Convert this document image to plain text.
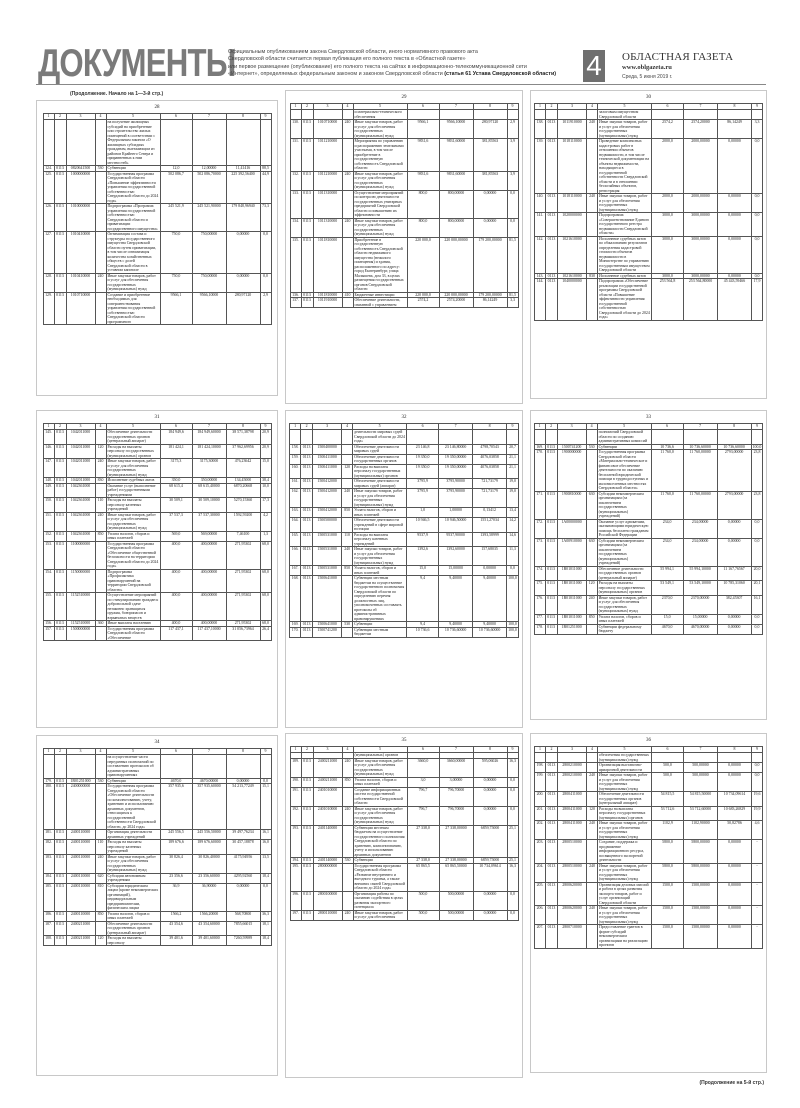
ДОКУМЕНТЫ
Официальным опубликованием закона Свердловской области, иного нормативного правового акта
Свердловской области считается первая публикация его полного текста в «Областной газете»
или первое размещение (опубликование) его полного текста на сайтах в информационно-телекоммуникационной сети
«Интернет», определяемых федеральным законом и законом Свердловской области (статья 61 Устава Свердловской области)	4 ОБЛАСТНАЯ ГАЗЕТА
www.oblgazeta.ru
Среда, 5 июня 2019 г.
(Продолжение. Начало на 1—3-й стр.)
(Продолжение на 5-й стр.)
28
1	2	3	4	5	6	7	8	9
				на получение жилищных субсидий на приобретение или строительство жилых помещений в соответствии с Федеральным законом «О жилищных субсидиях гражданам, выезжающим из районов Крайнего Севера и приравненных к ним местностей»				
124.	0113	0820641500	530	Субвенции	12,0	12,00000	11,41416	88,5
125.	0113	1000000000		Государственная программа Свердловской области «Повышение эффективности управления государственной собственностью Свердловской области до 2024 года»	502 086,7	502 086,70000	225 392,56400	44,9
126.	0113	1010000000		Подпрограмма «Программа управления государственной собственностью Свердловской области и приватизации государственного имущества»	245 521,9	245 521,90000	179 848,96940	73,3
127.	0113	1010410000		Оптимизация состава и структуры государственного имущества Свердловской области путем приватизации, в том числе оптимизация количества хозяйственных обществ с долей Свердловской области в уставном капитале	750,0	750,00000	0,00000	0,0
128.	0113	1010410000	240	Иные закупки товаров, работ и услуг для обеспечения государственных (муниципальных) нужд	750,0	750,00000	0,00000	0,0
129.	0113	1010710000		Создание и приобретение необходимых для совершенствования управления государственной собственностью Свердловской области программного	9566,1	9566,10000	280,97120	2,9
29
1	2	3	4	5	6	7	8	9
				и материально-технического обеспечения				
130.	0113	1010710000	240	Иные закупки товаров, работ и услуг для обеспечения государственных (муниципальных) нужд	9566,1	9566,10000	280,97120	2,9
131.	0113	1011210000		Мероприятия по управлению и распоряжению земельными участками, в том числе приобретение в государственную собственность Свердловской области	9831,6	9831,60000	381,85563	3,9
132.	0113	1011210000	240	Иные закупки товаров, работ и услуг для обеспечения государственных (муниципальных) нужд	9831,6	9831,60000	381,85563	3,9
133.	0113	1011310000		Осуществление мероприятий по контролю деятельности государственных унитарных предприятий Свердловской области и повышению их эффективности	800,0	800,00000	0,00000	0,0
134.	0113	1011310000	240	Иные закупки товаров, работ и услуг для обеспечения государственных (муниципальных) нужд	800,0	800,00000	0,00000	0,0
135.	0113	1011810000		Приобретение в государственную собственность Свердловской области недвижимого имущества (нежилого помещения) и здания, расположенного по адресу: город Екатеринбург, улица Малышева, дом 33, в целях размещения государственных органов Свердловской области	220 000,0	220 000,00000	179 200,00000	81,5
136.	0113	1011810000	410	Бюджетные инвестиции	220 000,0	220 000,00000	179 200,00000	81,5
137.	0113	1011910000		Обеспечение деятельности, связанной с управлением	2574,2	2574,20000	86,14249	3,3
30
1	2	3	4	5	6	7	8	9
				залоговым имуществом Свердловской области				
138.	0113	1011910000	240	Иные закупки товаров, работ и услуг для обеспечения государственных (муниципальных) нужд	2574,2	2574,20000	86,14249	3,3
139.	0113	1018110000		Проведение комплексных кадастровых работ в отношении объектов недвижимости, в том числе технической документации на объекты недвижимости, находящиеся в государственной собственности Свердловской области и в отношении бесхозяйных объектов, регистрация	2000,0	2000,00000	0,00000	0,0
140.	0113	1018110000	240	Иные закупки товаров, работ и услуг для обеспечения государственных (муниципальных) нужд	2000,0	2000,00000	0,00000	0,0
141.	0113	1020000000		Подпрограмма «Совершенствование Единого государственного реестра недвижимости Свердловской области»	3000,0	3000,00000	0,00000	0,0
142.	0113	1021610000		Исполнение судебных актов по обжалованию результатов определения кадастровой стоимости объектов недвижимости в Министерстве по управлению государственным имуществом Свердловской области	3000,0	3000,00000	0,00000	0,0
143.	0113	1021610000	830	Исполнение судебных актов	3000,0	3000,00000	0,00000	0,0
144.	0113	1040000000		Подпрограмма «Обеспечение реализации государственной программы Свердловской области «Повышение эффективности управления государственной собственностью Свердловской области до 2024 года»	253 564,8	253 564,80000	45 443,59466	17,9
31
1	2	3	4	5	6	7	8	9
145.	0113	1042011000		Обеспечение деятельности государственных органов (центральный аппарат)	184 949,6	184 949,60000	38 571,38798	20,9
146.	0113	1042011000	120	Расходы на выплаты персоналу государственных (муниципальных) органов	181 424,1	181 424,10000	37 962,69956	20,9
147.	0113	1042011000	240	Иные закупки товаров, работ и услуг для обеспечения государственных (муниципальных) нужд	3175,3	3175,30000	476,23642	15,0
148.	0113	1042011000	830	Исполнение судебных актов	350,0	350,00000	134,45000	38,4
149.	0113	1042361000		Оказание услуг (выполнение работ) государственными учреждениями	68 615,4	68 615,40000	6870,20668	10,0
150.	0113	1042361000	110	Расходы на выплаты персоналу казенных учреждений	30 509,1	30 509,10000	5270,15360	17,3
151.	0113	1042361000	240	Иные закупки товаров, работ и услуг для обеспечения государственных (муниципальных) нужд	37 537,3	37 537,30000	1592,59200	4,2
152.	0113	1042361000	850	Уплата налогов, сборов и иных платежей	569,0	569,00000	7,46100	1,3
153.	0113	1100000000		Государственная программа Свердловской области «Обеспечение общественной безопасности на территории Свердловской области до 2024 года»	400,0	400,00000	271,95302	68,0
154.	0113	1150000000		Подпрограмма «Профилактика правонарушений на территории Свердловской области»	400,0	400,00000	271,95302	68,0
155.	0113	1152510000		Осуществление мероприятий по стимулированию граждан к добровольной сдаче незаконно хранящихся оружия, боеприпасов и взрывчатых веществ	400,0	400,00000	271,95302	68,0
156.	0113	1152510000	360	Иные выплаты населению	400,0	400,00000	271,95302	68,0
157.	0113	1500000000		Государственная программа Свердловской области «Обеспечение	117 437,1	117 437,10000	31 056,73964	26,4
32
1	2	3	4	5	6	7	8	9
				деятельности мировых судей Свердловской области до 2024 года»				
158.	0113	1500400000		Обеспечение деятельности мировых судей	23 146,8	23 146,80000	4798,70543	20,7
159.	0113	1500411000		Обеспечение деятельности государственных органов	19 350,0	19 350,00000	4076,03858	21,1
160.	0113	1500411000	120	Расходы на выплаты персоналу государственных (муниципальных) органов	19 350,0	19 350,00000	4076,03858	21,1
161.	0113	1500412000		Обеспечение деятельности мировых судей (аппарат)	3795,9	3795,90000	721,73179	19,0
162.	0113	1500412000	240	Иные закупки товаров, работ и услуг для обеспечения государственных (муниципальных) нужд	3795,9	3795,90000	721,73179	19,0
163.	0113	1500412000	850	Уплата налогов, сборов и иных платежей	1,0	1,00000	0,13412	13,4
164.	0113	1500500000		Обеспечение деятельности учреждений в сфере мировой юстиции	10 946,5	10 946,50000	1551,27034	14,2
165.	0113	1500531000	110	Расходы на выплаты персоналу казенных учреждений	9537,9	9537,90000	1393,58999	14,6
166.	0113	1500531000	240	Иные закупки товаров, работ и услуг для обеспечения государственных (муниципальных) нужд	1392,6	1392,60000	157,68035	11,3
167.	0113	1500531000	850	Уплата налогов, сборов и иных платежей	15,0	15,00000	0,00000	0,0
168.	0113	1500641000		Субвенции местным бюджетам на осуществление государственного полномочия Свердловской области по определению перечня должностных лиц, уполномоченных составлять протоколы об административных правонарушениях	9,4	9,40000	9,40000	100,0
169.	0113	1500641000	530	Субвенции	9,4	9,40000	9,40000	100,0
170.	0113	1500741200		Субвенции местным бюджетам	10 736,6	10 736,60000	10 736,60000	100,0
33
1	2	3	4	5	6	7	8	9
				полномочий Свердловской области по созданию административных комиссий				
169.	0113	1500741200	530	Субвенции	10 736,6	10 736,60000	10 736,60000	100,0
170.	0113	1900000000		Государственная программа Свердловской области «Материально-техническое и финансовое обеспечение деятельности по оказанию бесплатной юридической помощи в труднодоступных и малонаселенных местностях Свердловской области»	11 760,0	11 760,00000	2793,00000	23,8
171.	0113	1900810000	630	Субсидии некоммерческим организациям (за исключением государственных (муниципальных) учреждений)	11 760,0	11 760,00000	2793,00000	23,8
172.	0113	1A00000000		Оказание услуг адвокатами, оказывающими юридическую помощь бесплатно гражданам Российской Федерации	234,0	234,00000	0,00000	0,0
173.	0113	1A00910000	630	Субсидии некоммерческим организациям (за исключением государственных (муниципальных) учреждений)	234,0	234,00000	0,00000	0,0
174.	0113	1B01011000		Обеспечение деятельности государственных органов (центральный аппарат)	55 994,1	55 994,10000	11 167,76567	20,0
175.	0113	1B01011000	120	Расходы на выплаты персоналу государственных (муниципальных) органов	53 549,1	53 549,10000	10 785,31060	20,1
176.	0113	1B01011000	240	Иные закупки товаров, работ и услуг для обеспечения государственных (муниципальных) нужд	2370,0	2370,00000	382,45307	16,1
177.	0113	1B01011000	850	Уплата налогов, сборов и иных платежей	15,0	15,00000	0,00000	0,0
178.	0113	1B01251000		Субвенции федеральному бюджету	4670,0	4670,00000	0,00000	0,0
34
1	2	3	4	5	6	7	8	9
				на осуществление части переданных полномочий по составлению протоколов об административных правонарушениях				
179.	0113	1B01251000	530	Субвенции	4670,0	4670,00000	0,00000	0,0
180.	0113	2400000000		Государственная программа Свердловской области «Обеспечение деятельности по комплектованию, учету, хранению и использованию архивных документов, относящихся к государственной собственности Свердловской области, до 2024 года»	357 935,6	357 935,60000	54 213,77249	15,1
181.	0113	2400110000		Организация деятельности архивных учреждений	245 556,5	245 556,50000	39 497,76234	16,1
182.	0113	2400110000	110	Расходы на выплаты персоналу казенных учреждений	189 676,6	189 676,60000	30 457,18878	16,0
183.	0113	2400110000	240	Иные закупки товаров, работ и услуг для обеспечения государственных (муниципальных) нужд	30 826,4	30 826,40000	4175,94956	13,5
184.	0113	2400110000	620	Субсидии автономным учреждениям	23 356,6	23 356,60000	4295,92560	18,4
185.	0113	2400110000	810	Субсидии юридическим лицам (кроме некоммерческих организаций), индивидуальным предпринимателям, физическим лицам	36,9	36,90000	0,00000	0,0
186.	0113	2400110000	850	Уплата налогов, сборов и иных платежей	1566,2	1566,20000	568,70800	36,3
187.	0113	2400211000		Обеспечение деятельности государственных органов (центральный аппарат)	43 354,6	43 354,60000	7855,66015	18,1
188.	0113	2400211000	120	Расходы на выплаты персоналу	39 401,6	39 401,60000	7260,59989	18,4
35
1	2	3	4	5	6	7	8	9
				(муниципальных) органов				
189.	0113	2400211000	240	Иные закупки товаров, работ и услуг для обеспечения государственных (муниципальных) нужд	3660,0	3660,00000	595,06026	16,3
190.	0113	2400211000	850	Уплата налогов, сборов и иных платежей	3,0	3,00000	0,00000	0,0
191.	0113	2401010000		Создание информационных систем государственной собственности Свердловской области	796,7	796,70000	0,00000	0,0
192.	0113	2401010000	240	Иные закупки товаров, работ и услуг для обеспечения государственных (муниципальных) нужд	796,7	796,70000	0,00000	0,0
193.	0113	2401140000		Субвенции местным бюджетам на осуществление государственного полномочия Свердловской области по хранению, комплектованию, учету и использованию архивных документов	27 338,0	27 338,00000	6859,75000	25,1
194.	0113	2401140000	530	Субвенции	27 338,0	27 338,00000	6859,75000	25,1
195.	0113	2800000000		Государственная программа Свердловской области «Развитие внутреннего и въездного туризма, а также внешних связей Свердловской области до 2024 года»	65 865,5	65 865,50000	10 734,09614	16,3
196.	0113	2800100000		Организация работы по оказанию содействия в целях развития экспортного потенциала	500,0	500,00000	0,00000	0,0
197.	0113	2800110000	240	Иные закупки товаров, работ и услуг для обеспечения	500,0	500,00000	0,00000	0,0
36
1	2	3	4	5	6	7	8	9
				обеспечения государственных (муниципальных) нужд				
198.	0113	2800210000		Организация выставочно-ярмарочной деятельности	500,0	500,00000	0,00000	0,0
199.	0113	2800210000	240	Иные закупки товаров, работ и услуг для обеспечения государственных (муниципальных) нужд	500,0	500,00000	0,00000	0,0
200.	0113	2800411000		Обеспечение деятельности государственных органов (центральный аппарат)	54 815,5	54 815,50000	10 734,09614	19,6
201.	0113	2800411000	120	Расходы на выплаты персоналу государственных (муниципальных) органов	53 712,6	53 712,60000	10 683,26829	19,9
202.	0113	2800411000	240	Иные закупки товаров, работ и услуг для обеспечения государственных (муниципальных) нужд	1102,9	1102,90000	50,82786	4,6
203.	0113	2800510000		Создание, поддержка и продвижение информационного ресурса, посвященного экспортной деятельности	5800,0	5800,00000	0,00000	-
204.	0113	2800510000	240	Иные закупки товаров, работ и услуг для обеспечения государственных (муниципальных) нужд	5800,0	5800,00000	0,00000	-
205.	0113	2800620000		Организация деловых миссий и работа в целях развития экспорта товаров, работ и услуг организаций Свердловской области	1500,0	1500,00000	0,00000	-
206.	0113	2800620000	240	Иные закупки товаров, работ и услуг для обеспечения государственных (муниципальных) нужд	1500,0	1500,00000	0,00000	-
207.	0113	2800710000		Предоставление грантов в форме субсидий некоммерческим организациям на реализацию проектов	1500,0	1500,00000	0,00000	-
